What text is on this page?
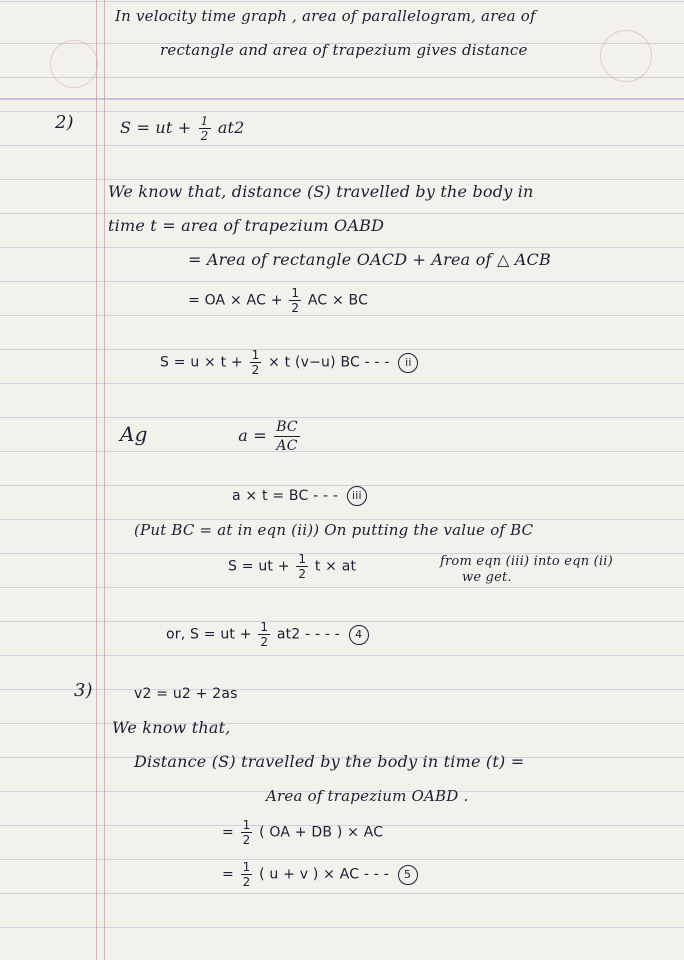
In velocity time graph , area of parallelogram, area of
rectangle and area of trapezium gives distance
2)	S = ut + $\frac{1}{2} at2$
We know that, distance (S) travelled by the body in
time t = area of trapezium OABD
= Area of rectangle OACD + Area of △ ACB
= OA × AC + $\frac{1}{2}$ AC × BC
$S = u \times t + \frac{1}{2} \times t$ (v−u) BC - - - ii
Ag	$a = \frac{BC}{AC}$
a × t = BC - - - iii
(Put BC = at in eqn (ii)) On putting the value of BC
S = ut + $\frac{1}{2}$ t × at	from eqn (iii) into eqn (ii)
we get.
or, S = ut + $\frac{1}{2} at2$ - - - - 4
3)	v2 = u2 + 2as
We know that,
Distance (S) travelled by the body in time (t) =
Area of trapezium OABD .
= $\frac{1}{2}$ ( OA + DB ) × AC
= $\frac{1}{2}$ ( u + v ) × AC - - - 5
